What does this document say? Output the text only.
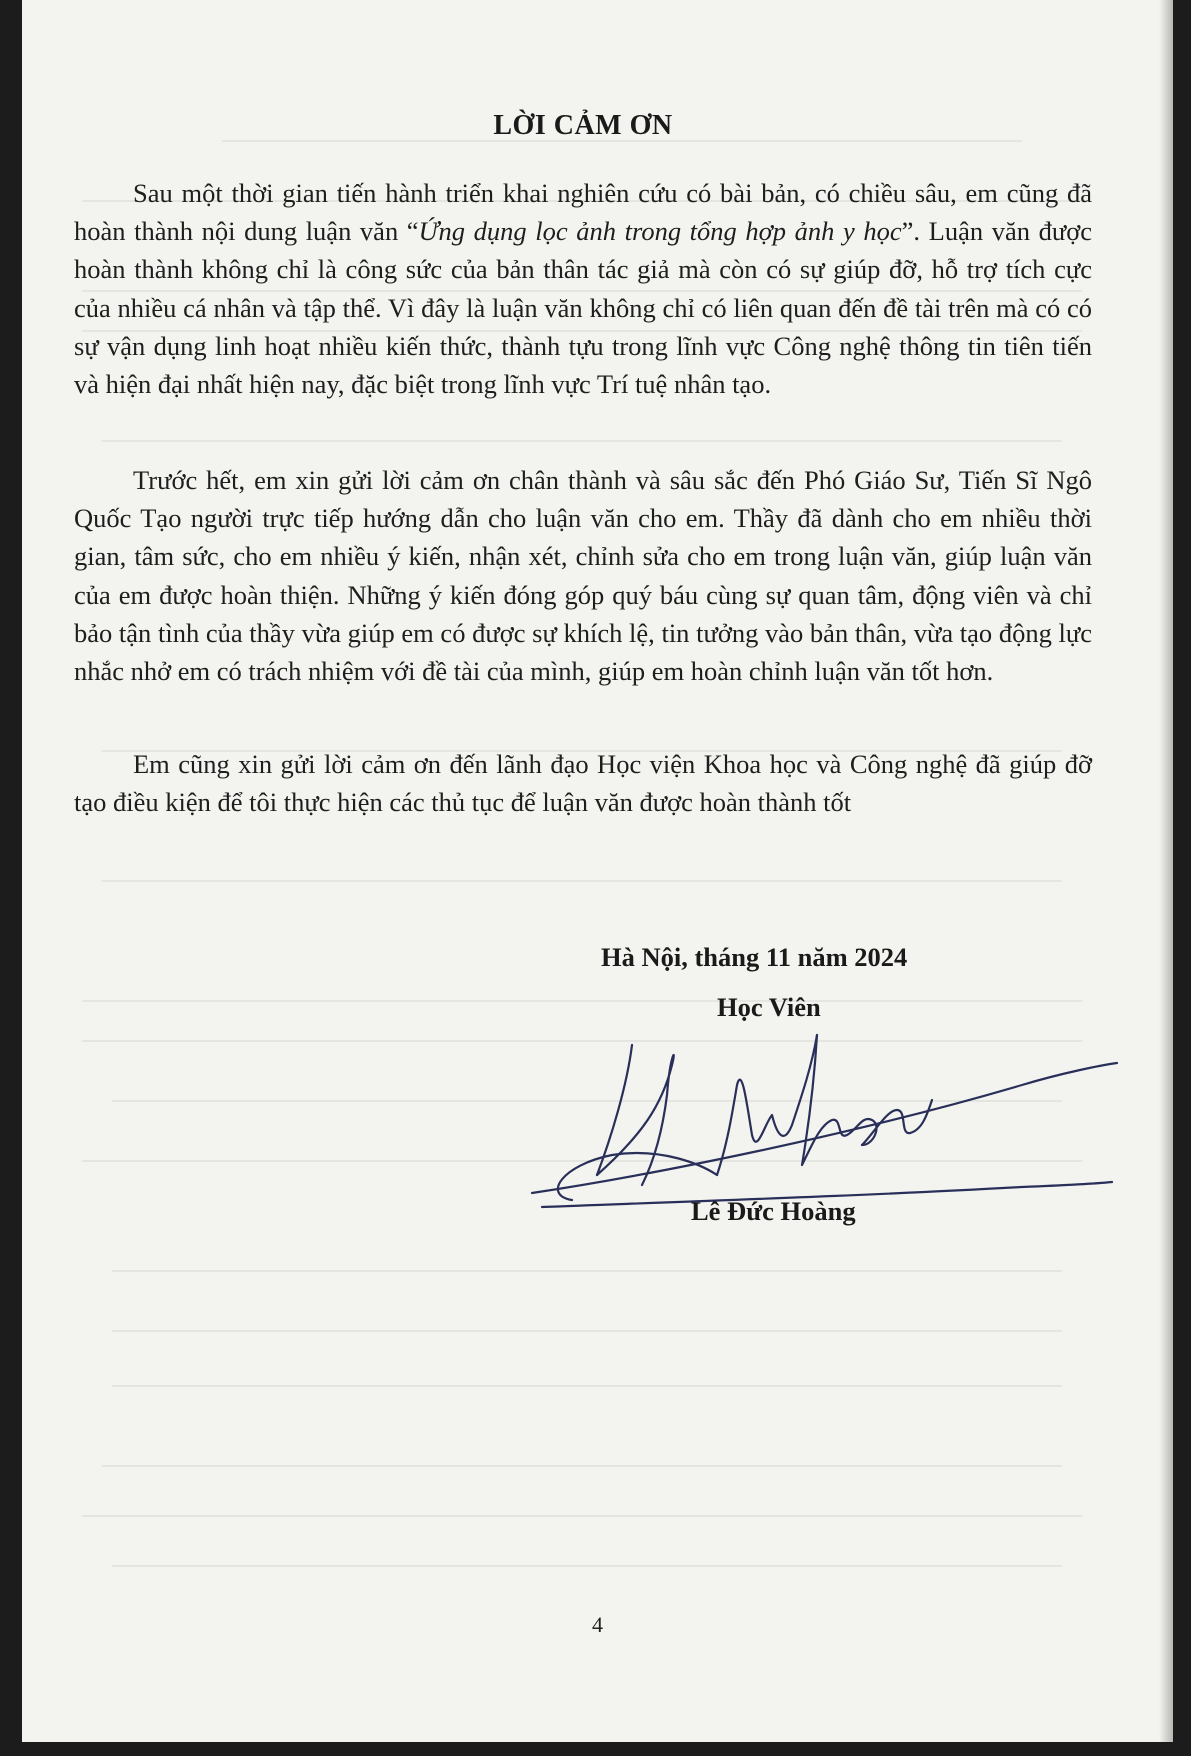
LỜI CẢM ƠN

Sau một thời gian tiến hành triển khai nghiên cứu có bài bản, có chiều sâu, em cũng đã hoàn thành nội dung luận văn “Ứng dụng lọc ảnh trong tổng hợp ảnh y học”. Luận văn được hoàn thành không chỉ là công sức của bản thân tác giả mà còn có sự giúp đỡ, hỗ trợ tích cực của nhiều cá nhân và tập thể. Vì đây là luận văn không chỉ có liên quan đến đề tài trên mà có có sự vận dụng linh hoạt nhiều kiến thức, thành tựu trong lĩnh vực Công nghệ thông tin tiên tiến và hiện đại nhất hiện nay, đặc biệt trong lĩnh vực Trí tuệ nhân tạo.

Trước hết, em xin gửi lời cảm ơn chân thành và sâu sắc đến Phó Giáo Sư, Tiến Sĩ Ngô Quốc Tạo người trực tiếp hướng dẫn cho luận văn cho em. Thầy đã dành cho em nhiều thời gian, tâm sức, cho em nhiều ý kiến, nhận xét, chỉnh sửa cho em trong luận văn, giúp luận văn của em được hoàn thiện. Những ý kiến đóng góp quý báu cùng sự quan tâm, động viên và chỉ bảo tận tình của thầy vừa giúp em có được sự khích lệ, tin tưởng vào bản thân, vừa tạo động lực nhắc nhở em có trách nhiệm với đề tài của mình, giúp em hoàn chỉnh luận văn tốt hơn.

Em cũng xin gửi lời cảm ơn đến lãnh đạo Học viện Khoa học và Công nghệ đã giúp đỡ tạo điều kiện để tôi thực hiện các thủ tục để luận văn được hoàn thành tốt

Hà Nội, tháng 11 năm 2024
Học Viên
Lê Đức Hoàng
4
